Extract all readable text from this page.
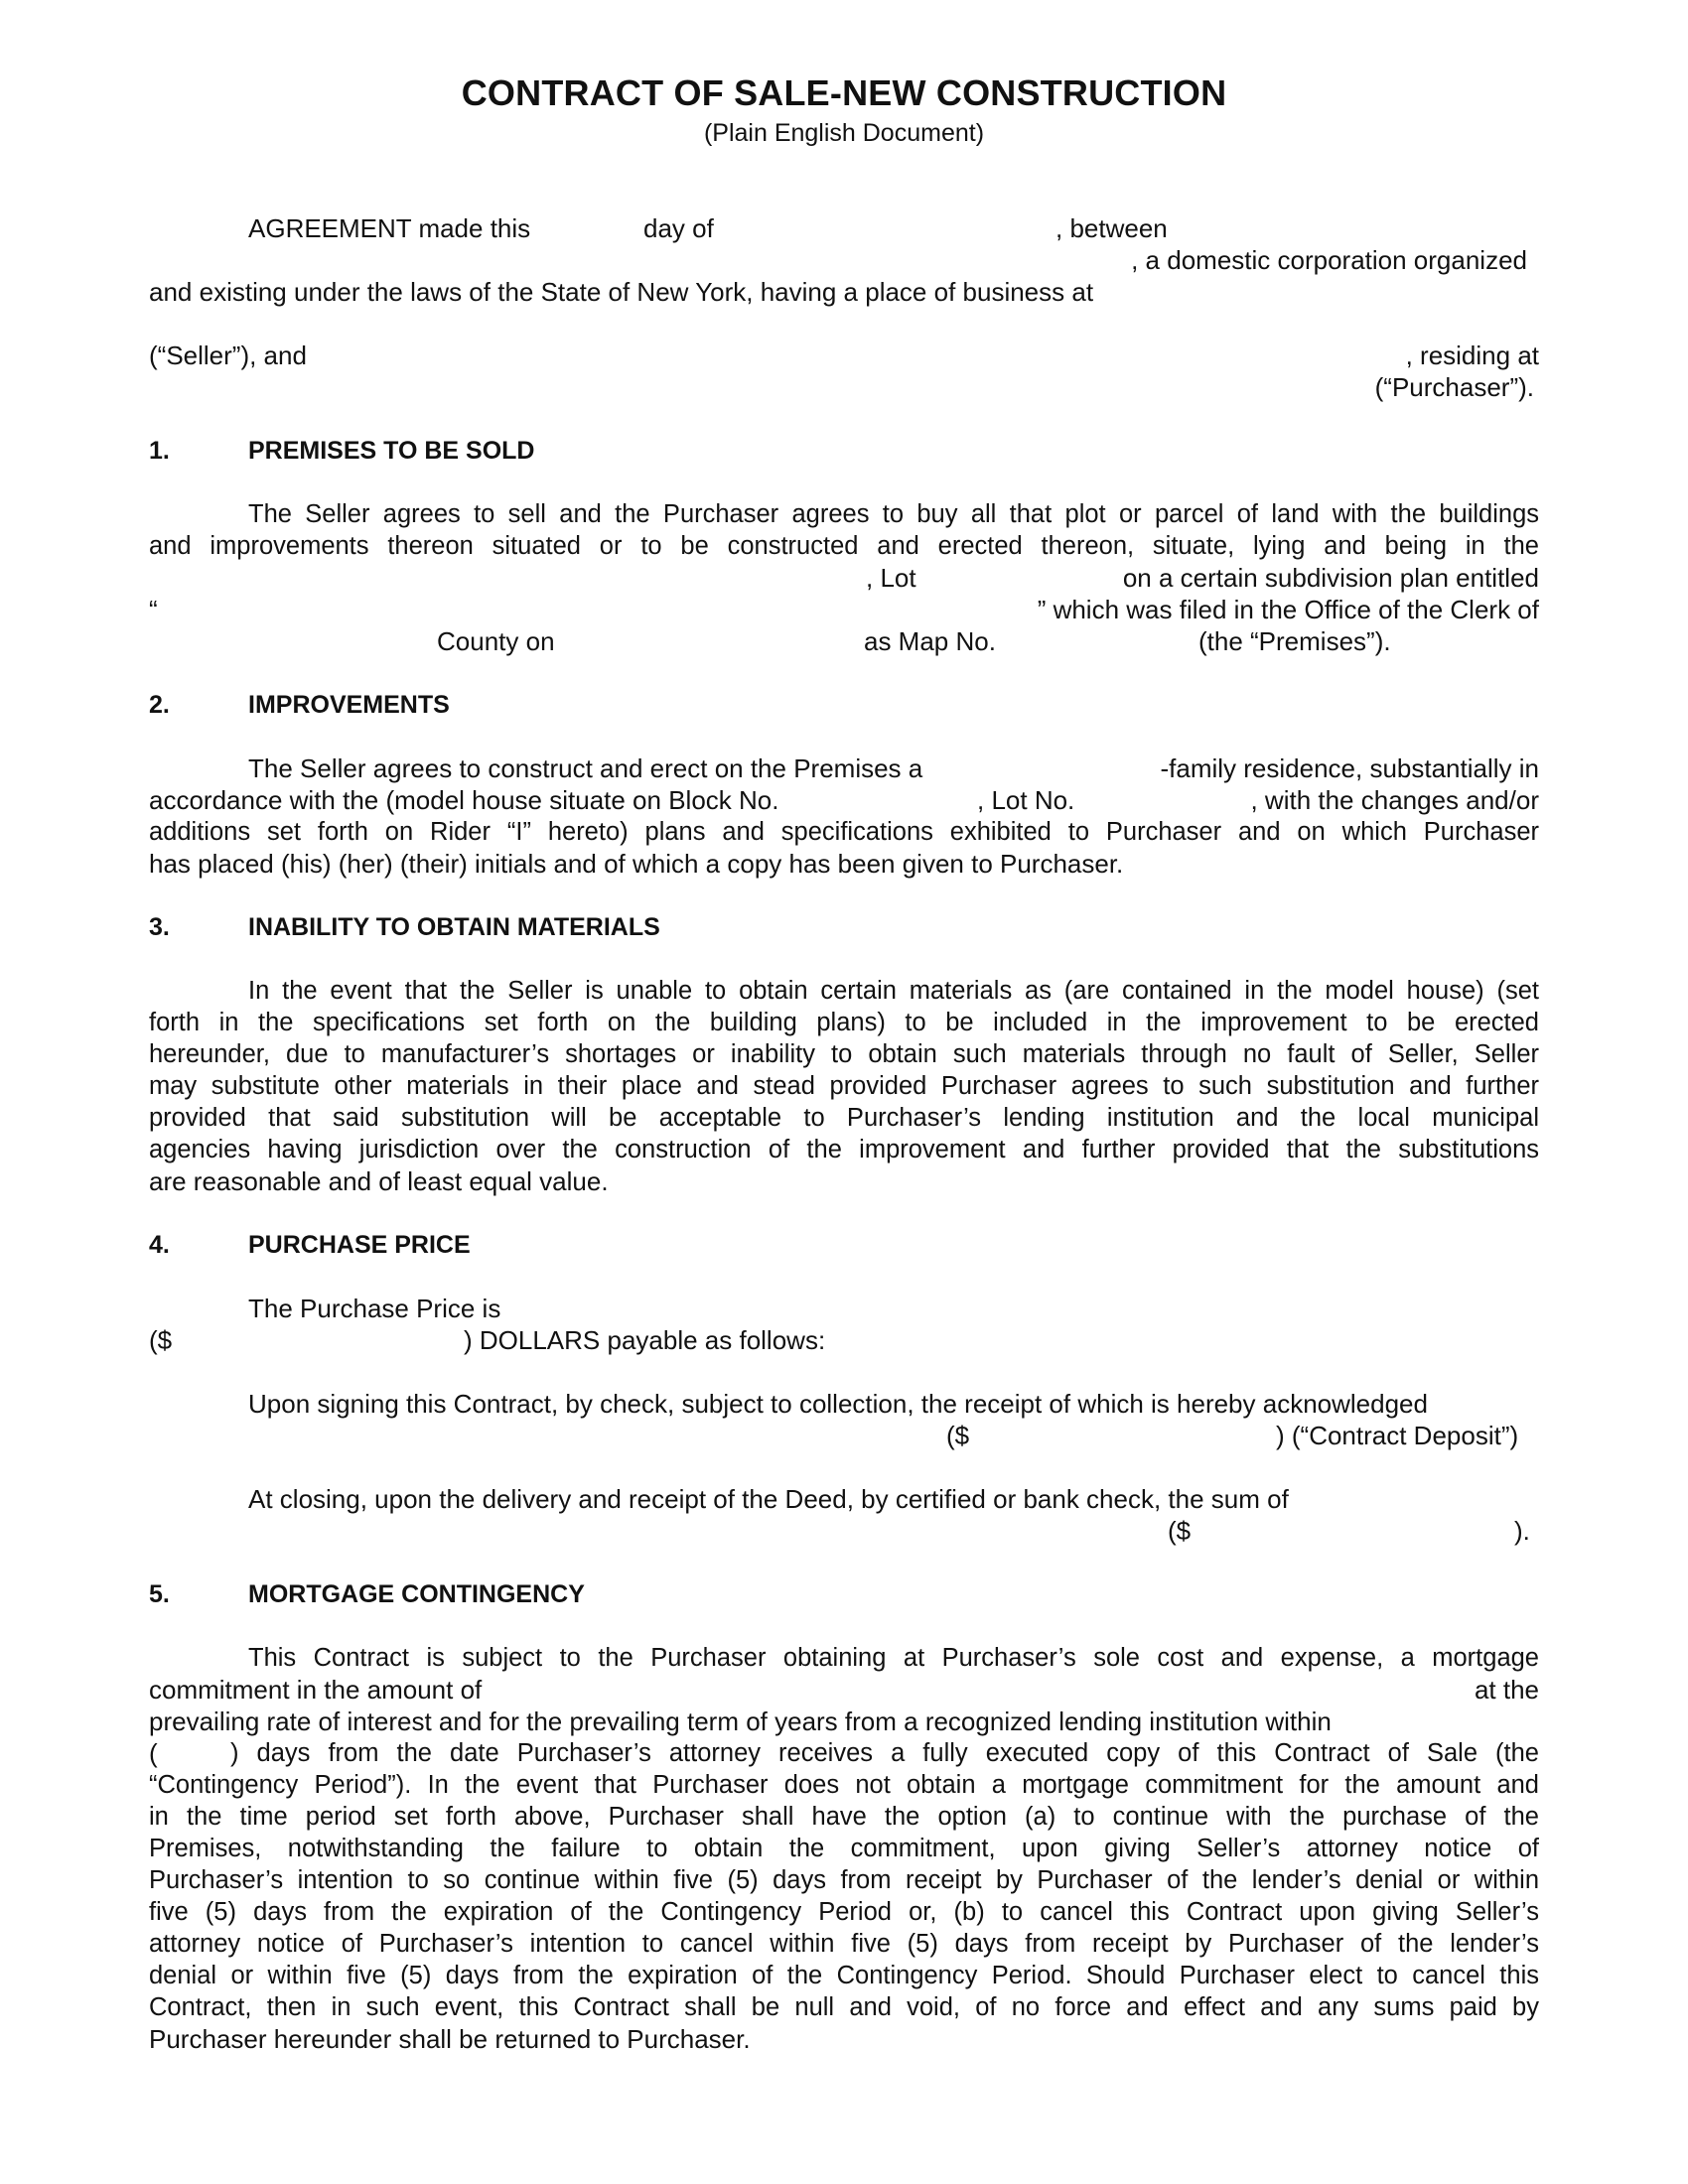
CONTRACT OF SALE-NEW CONSTRUCTION
(Plain English Document)
AGREEMENT made this	day of	, between
, a domestic corporation organized
and existing under the laws of the State of New York, having a place of business at
(“Seller”), and	, residing at
(“Purchaser”).
1.	PREMISES TO BE SOLD
The Seller agrees to sell and the Purchaser agrees to buy all that plot or parcel of land with the buildings
and improvements thereon situated or to be constructed and erected thereon, situate, lying and being in the
, Lot	on a certain subdivision plan entitled
“	” which was filed in the Office of the Clerk of
County on	as Map No.	(the “Premises”).
2.	IMPROVEMENTS
The Seller agrees to construct and erect on the Premises a	-family residence, substantially in
accordance with the (model house situate on Block No.	, Lot No.	, with the changes and/or
additions set forth on Rider “I” hereto) plans and specifications exhibited to Purchaser and on which Purchaser
has placed (his) (her) (their) initials and of which a copy has been given to Purchaser.
3.	INABILITY TO OBTAIN MATERIALS
In the event that the Seller is unable to obtain certain materials as (are contained in the model house) (set
forth in the specifications set forth on the building plans) to be included in the improvement to be erected
hereunder, due to manufacturer’s shortages or inability to obtain such materials through no fault of Seller, Seller
may substitute other materials in their place and stead provided Purchaser agrees to such substitution and further
provided that said substitution will be acceptable to Purchaser’s lending institution and the local municipal
agencies having jurisdiction over the construction of the improvement and further provided that the substitutions
are reasonable and of least equal value.
4.	PURCHASE PRICE
The Purchase Price is
($	) DOLLARS payable as follows:
Upon signing this Contract, by check, subject to collection, the receipt of which is hereby acknowledged
($	) (“Contract Deposit”)
At closing, upon the delivery and receipt of the Deed, by certified or bank check, the sum of
($	).
5.	MORTGAGE CONTINGENCY
This Contract is subject to the Purchaser obtaining at Purchaser’s sole cost and expense, a mortgage
commitment in the amount of	at the
prevailing rate of interest and for the prevailing term of years from a recognized lending institution within
(	) days from the date Purchaser’s attorney receives a fully executed copy of this Contract of Sale (the
“Contingency Period”). In the event that Purchaser does not obtain a mortgage commitment for the amount and
in the time period set forth above, Purchaser shall have the option (a) to continue with the purchase of the
Premises, notwithstanding the failure to obtain the commitment, upon giving Seller’s attorney notice of
Purchaser’s intention to so continue within five (5) days from receipt by Purchaser of the lender’s denial or within
five (5) days from the expiration of the Contingency Period or, (b) to cancel this Contract upon giving Seller’s
attorney notice of Purchaser’s intention to cancel within five (5) days from receipt by Purchaser of the lender’s
denial or within five (5) days from the expiration of the Contingency Period. Should Purchaser elect to cancel this
Contract, then in such event, this Contract shall be null and void, of no force and effect and any sums paid by
Purchaser hereunder shall be returned to Purchaser.
